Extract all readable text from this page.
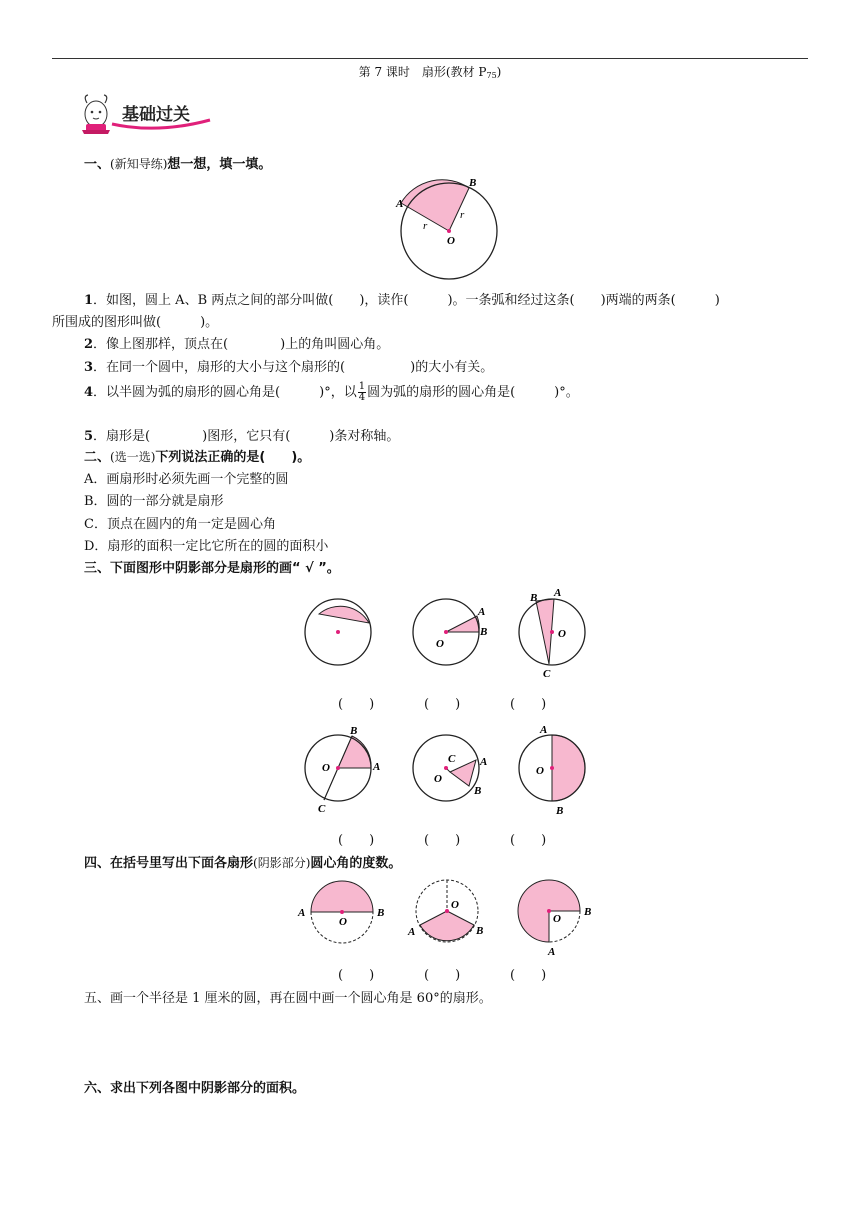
第 7 课时　扇形(教材 $P_{75}$)
基础过关
一、(新知导练)想一想，填一填。
A
B
O
r
r
1．如图，圆上 A、B 两点之间的部分叫做(　　)，读作(　　　)。一条弧和经过这条(　　)两端的两条(　　　)
所围成的图形叫做(　　　)。
2．像上图那样，顶点在(　　　　)上的角叫圆心角。
3．在同一个圆中，扇形的大小与这个扇形的(　　　　　)的大小有关。
4．以半圆为弧的扇形的圆心角是(　　　)°，以 $\frac{1}{4}$ 圆为弧的扇形的圆心角是(　　　)°。
5．扇形是(　　　　)图形，它只有(　　　)条对称轴。
二、(选一选)下列说法正确的是(　　)。
A．画扇形时必须先画一个完整的圆
B．圆的一部分就是扇形
C．顶点在圆内的角一定是圆心角
D．扇形的面积一定比它所在的圆的面积小
三、下面图形中阴影部分是扇形的画“ √ ”。
A
B
O
A
B
C
O
(　　)	(　　)	(　　)
B
A
C
O
C A
B
O
A
B
O
(　　)	(　　)	(　　)
四、在括号里写出下面各扇形(阴影部分)圆心角的度数。
A	B
O
A	B
O
B
A
O
(　　)	(　　)	(　　)
五、画一个半径是 1 厘米的圆，再在圆中画一个圆心角是 60°的扇形。
六、求出下列各图中阴影部分的面积。
